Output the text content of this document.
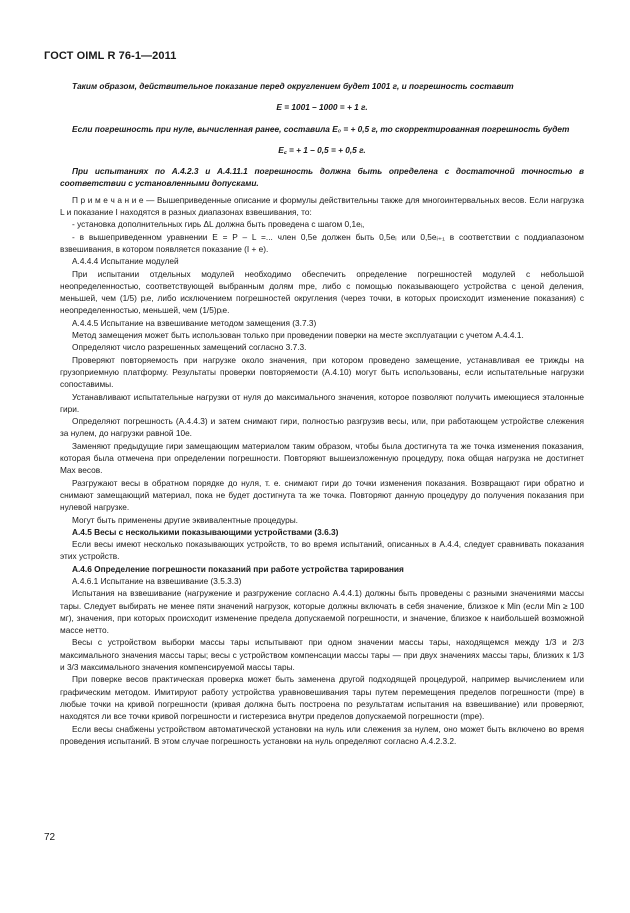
ГОСТ OIML R 76-1—2011

Таким образом, действительное показание перед округлением будет 1001 г, и погрешность составит

E = 1001 – 1000 = + 1 г.

Если погрешность при нуле, вычисленная ранее, составила E₀ = + 0,5 г, то скорректированная погрешность будет

E꜀ = + 1 – 0,5 = + 0,5 г.

При испытаниях по А.4.2.3 и А.4.11.1 погрешность должна быть определена с достаточной точностью в соответствии с установленными допусками.

П р и м е ч а н и е — Вышеприведенные описание и формулы действительны также для многоинтервальных весов. Если нагрузка L и показание I находятся в разных диапазонах взвешивания, то:

- установка дополнительных гирь ΔL должна быть проведена с шагом 0,1eᵢ,

- в вышеприведенном уравнении E = P – L =... член 0,5e должен быть 0,5eᵢ или 0,5eᵢ₊₁ в соответствии с поддиапазоном взвешивания, в котором появляется показание (I + e).

А.4.4.4 Испытание модулей

При испытании отдельных модулей необходимо обеспечить определение погрешностей модулей с небольшой неопределенностью, соответствующей выбранным долям mpe, либо с помощью показывающего устройства с ценой деления, меньшей, чем (1/5) pᵢe, либо исключением погрешностей округления (через точки, в которых происходит изменение показания) с неопределенностью, меньшей, чем (1/5)pᵢe.

А.4.4.5 Испытание на взвешивание методом замещения (3.7.3)

Метод замещения может быть использован только при проведении поверки на месте эксплуатации с учетом А.4.4.1.

Определяют число разрешенных замещений согласно 3.7.3.

Проверяют повторяемость при нагрузке около значения, при котором проведено замещение, устанавливая ее трижды на грузоприемную платформу. Результаты проверки повторяемости (А.4.10) могут быть использованы, если испытательные нагрузки сопоставимы.

Устанавливают испытательные нагрузки от нуля до максимального значения, которое позволяют получить имеющиеся эталонные гири.

Определяют погрешность (А.4.4.3) и затем снимают гири, полностью разгрузив весы, или, при работающем устройстве слежения за нулем, до нагрузки равной 10e.

Заменяют предыдущие гири замещающим материалом таким образом, чтобы была достигнута та же точка изменения показания, которая была отмечена при определении погрешности. Повторяют вышеизложенную процедуру, пока общая нагрузка не достигнет Max весов.

Разгружают весы в обратном порядке до нуля, т. е. снимают гири до точки изменения показания. Возвращают гири обратно и снимают замещающий материал, пока не будет достигнута та же точка. Повторяют данную процедуру до получения показания при нулевой нагрузке.

Могут быть применены другие эквивалентные процедуры.

А.4.5 Весы с несколькими показывающими устройствами (3.6.3)

Если весы имеют несколько показывающих устройств, то во время испытаний, описанных в А.4.4, следует сравнивать показания этих устройств.

А.4.6 Определение погрешности показаний при работе устройства тарирования

А.4.6.1 Испытание на взвешивание (3.5.3.3)

Испытания на взвешивание (нагружение и разгружение согласно А.4.4.1) должны быть проведены с разными значениями массы тары. Следует выбирать не менее пяти значений нагрузок, которые должны включать в себя значение, близкое к Min (если Min ≥ 100 мг), значения, при которых происходит изменение предела допускаемой погрешности, и значение, близкое к наибольшей возможной массе нетто.

Весы с устройством выборки массы тары испытывают при одном значении массы тары, находящемся между 1/3 и 2/3 максимального значения массы тары; весы с устройством компенсации массы тары — при двух значениях массы тары, близких к 1/3 и 3/3 максимального значения компенсируемой массы тары.

При поверке весов практическая проверка может быть заменена другой подходящей процедурой, например вычислением или графическим методом. Имитируют работу устройства уравновешивания тары путем перемещения пределов погрешности (mpe) в любые точки на кривой погрешности (кривая должна быть построена по результатам испытания на взвешивание) или проверяют, находятся ли все точки кривой погрешности и гистерезиса внутри пределов допускаемой погрешности (mpe).

Если весы снабжены устройством автоматической установки на нуль или слежения за нулем, оно может быть включено во время проведения испытаний. В этом случае погрешность установки на нуль определяют согласно А.4.2.3.2.

72
